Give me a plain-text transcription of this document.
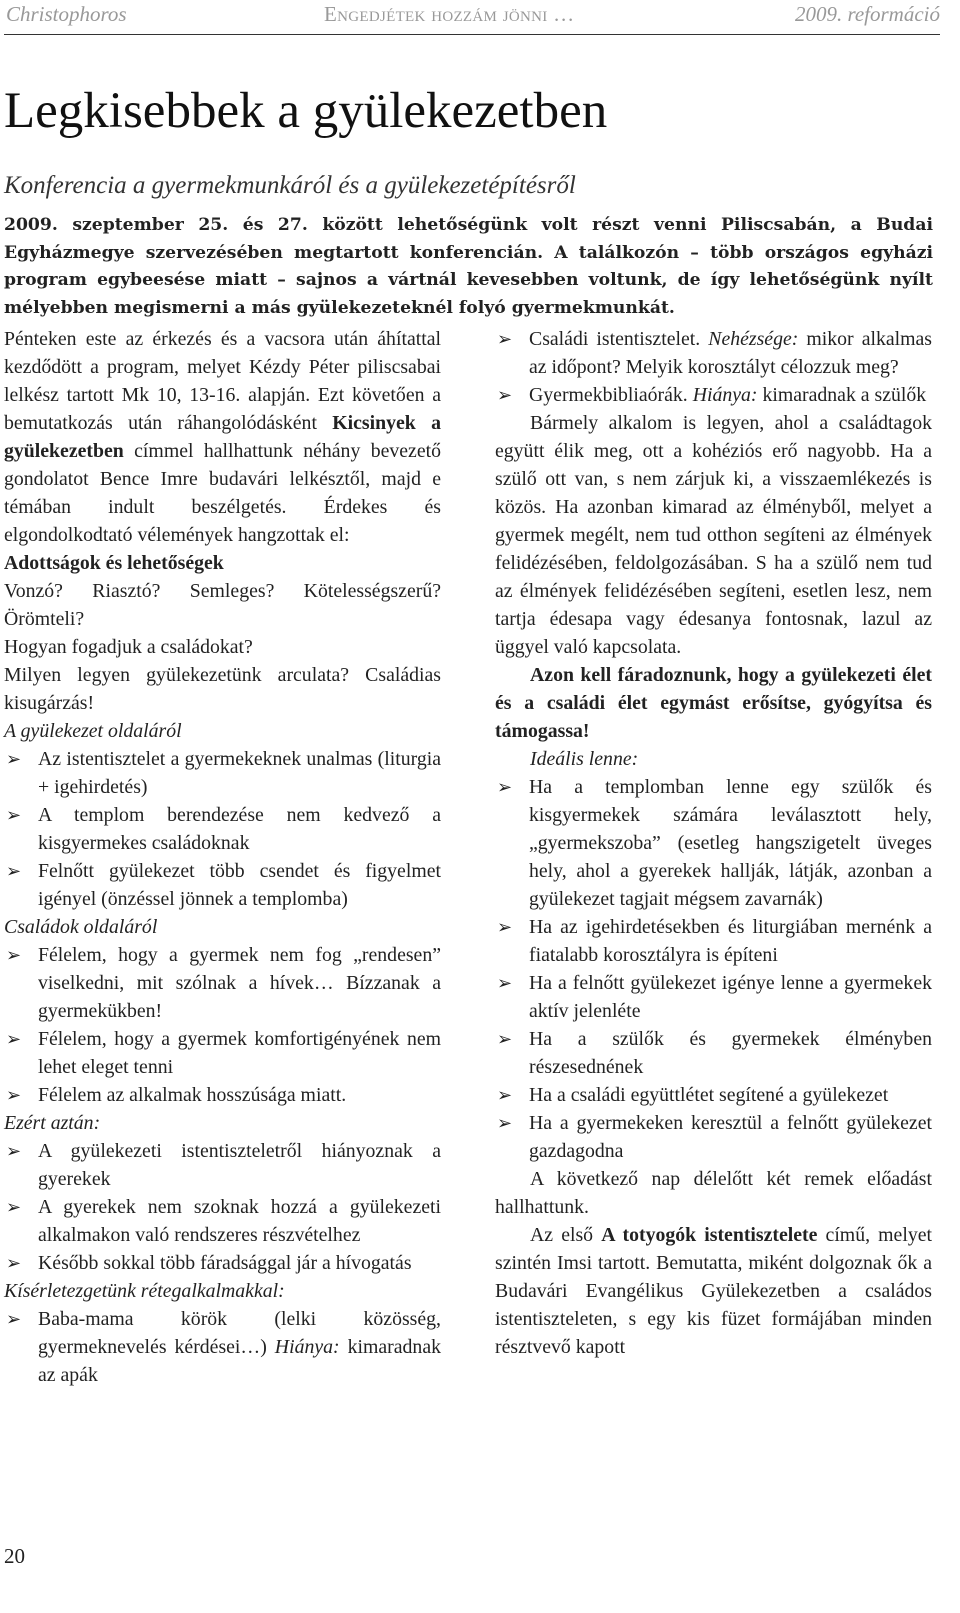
Christophoros	Engedjétek hozzám jönni …	2009. reformáció
Legkisebbek a gyülekezetben
Konferencia a gyermekmunkáról és a gyülekezetépítésről
2009. szeptember 25. és 27. között lehetőségünk volt részt venni Piliscsabán, a Budai Egyházmegye szervezésében megtartott konferencián. A találkozón – több országos egyházi program egybeesése miatt – sajnos a vártnál kevesebben voltunk, de így lehetőségünk nyílt mélyebben megismerni a más gyülekezeteknél folyó gyermekmunkát.

Pénteken este az érkezés és a vacsora után áhítattal kezdődött a program, melyet Kézdy Péter piliscsabai lelkész tartott Mk 10, 13-16. alapján. Ezt követően a bemutatkozás után ráhangolódásként Kicsinyek a gyülekezetben címmel hallhattunk néhány bevezető gondolatot Bence Imre budavári lelkésztől, majd e témában indult beszélgetés. Érdekes és elgondolkodtató vélemények hangzottak el:

Adottságok és lehetőségek

Vonzó? Riasztó? Semleges? Kötelességszerű? Örömteli?

Hogyan fogadjuk a családokat?

Milyen legyen gyülekezetünk arculata? Családias kisugárzás!

A gyülekezet oldaláról

➢ Az istentisztelet a gyermekeknek unalmas (liturgia + igehirdetés)

➢ A templom berendezése nem kedvező a kisgyermekes családoknak

➢ Felnőtt gyülekezet több csendet és figyelmet igényel (önzéssel jönnek a templomba)

Családok oldaláról

➢ Félelem, hogy a gyermek nem fog „rendesen” viselkedni, mit szólnak a hívek… Bízzanak a gyermekükben!

➢ Félelem, hogy a gyermek komfortigényének nem lehet eleget tenni

➢ Félelem az alkalmak hosszúsága miatt.

Ezért aztán:

➢ A gyülekezeti istentiszteletről hiányoznak a gyerekek

➢ A gyerekek nem szoknak hozzá a gyülekezeti alkalmakon való rendszeres részvételhez

➢ Később sokkal több fáradsággal jár a hívogatás

Kísérletezgetünk rétegalkalmakkal:

➢ Baba-mama körök (lelki közösség, gyermeknevelés kérdései…) Hiánya: kimaradnak az apák

➢ Családi istentisztelet. Nehézsége: mikor alkalmas az időpont? Melyik korosztályt célozzuk meg?

➢ Gyermekbibliaórák. Hiánya: kimaradnak a szülők

Bármely alkalom is legyen, ahol a családtagok együtt élik meg, ott a kohéziós erő nagyobb. Ha a szülő ott van, s nem zárjuk ki, a visszaemlékezés is közös. Ha azonban kimarad az élményből, melyet a gyermek megélt, nem tud otthon segíteni az élmények felidézésében, feldolgozásában. S ha a szülő nem tud az élmények felidézésében segíteni, esetlen lesz, nem tartja édesapa vagy édesanya fontosnak, lazul az üggyel való kapcsolata.

Azon kell fáradoznunk, hogy a gyülekezeti élet és a családi élet egymást erősítse, gyógyítsa és támogassa!

Ideális lenne:

➢ Ha a templomban lenne egy szülők és kisgyermekek számára leválasztott hely, „gyermekszoba” (esetleg hangszigetelt üveges hely, ahol a gyerekek hallják, látják, azonban a gyülekezet tagjait mégsem zavarnák)

➢ Ha az igehirdetésekben és liturgiában mernénk a fiatalabb korosztályra is építeni

➢ Ha a felnőtt gyülekezet igénye lenne a gyermekek aktív jelenléte

➢ Ha a szülők és gyermekek élményben részesednének

➢ Ha a családi együttlétet segítené a gyülekezet

➢ Ha a gyermekeken keresztül a felnőtt gyülekezet gazdagodna

A következő nap délelőtt két remek előadást hallhattunk.

Az első A totyogók istentisztelete című, melyet szintén Imsi tartott. Bemutatta, miként dolgoznak ők a Budavári Evangélikus Gyülekezetben a családos istentiszteleten, s egy kis füzet formájában minden résztvevő kapott

20
